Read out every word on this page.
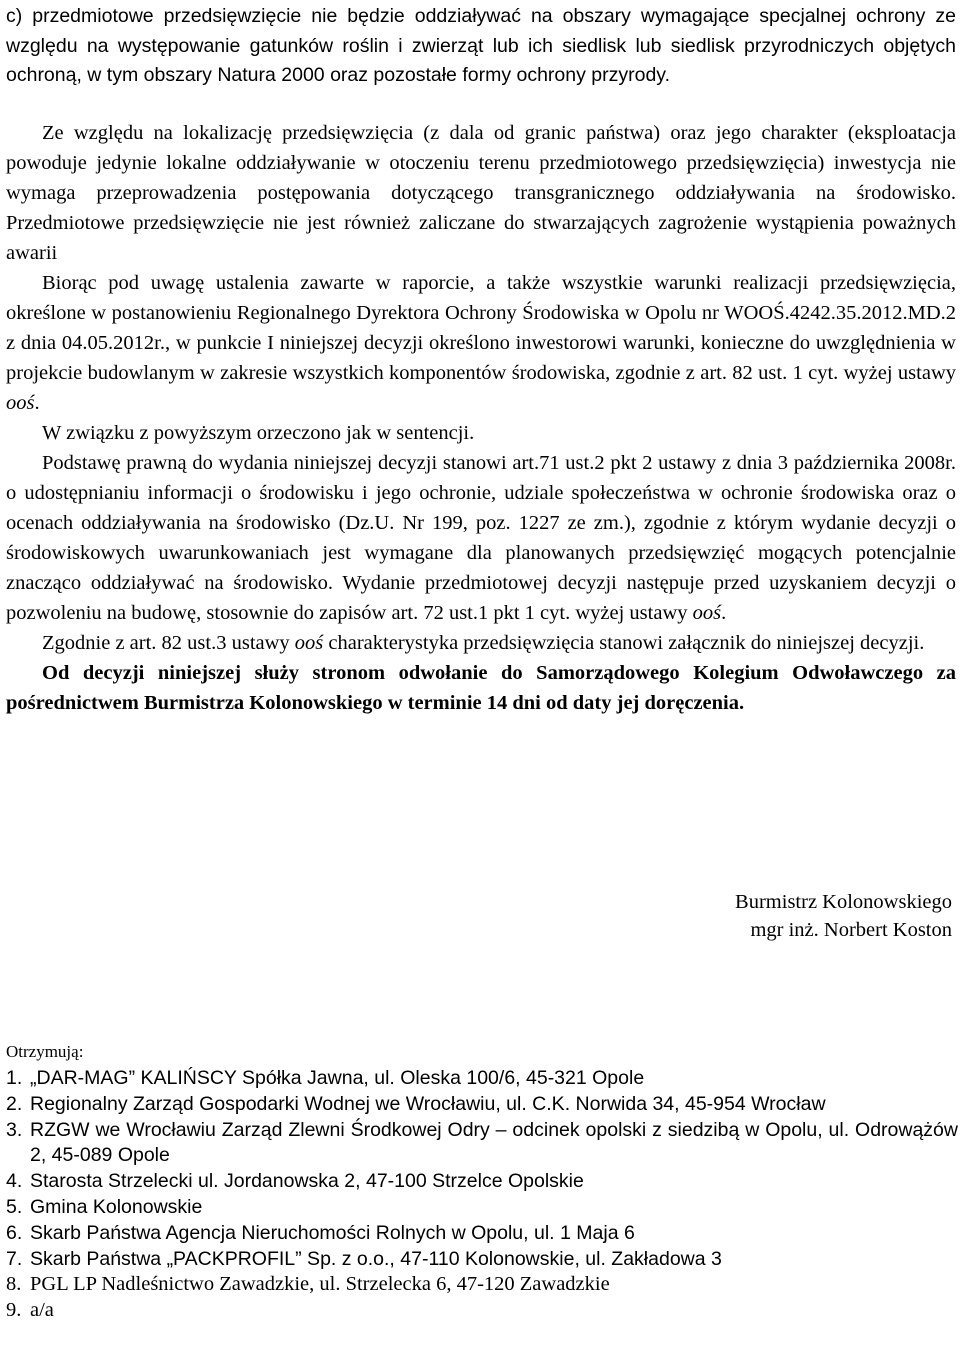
c) przedmiotowe przedsięwzięcie nie będzie oddziaływać na obszary wymagające specjalnej ochrony ze względu na występowanie gatunków roślin i zwierząt lub ich siedlisk lub siedlisk przyrodniczych objętych ochroną, w tym obszary Natura 2000 oraz pozostałe formy ochrony przyrody.

Ze względu na lokalizację przedsięwzięcia (z dala od granic państwa) oraz jego charakter (eksploatacja powoduje jedynie lokalne oddziaływanie w otoczeniu terenu przedmiotowego przedsięwzięcia) inwestycja nie wymaga przeprowadzenia postępowania dotyczącego transgranicznego oddziaływania na środowisko. Przedmiotowe przedsięwzięcie nie jest również zaliczane do stwarzających zagrożenie wystąpienia poważnych awarii

Biorąc pod uwagę ustalenia zawarte w raporcie, a także wszystkie warunki realizacji przedsięwzięcia, określone w postanowieniu Regionalnego Dyrektora Ochrony Środowiska w Opolu nr WOOŚ.4242.35.2012.MD.2 z dnia 04.05.2012r., w punkcie I niniejszej decyzji określono inwestorowi warunki, konieczne do uwzględnienia w projekcie budowlanym w zakresie wszystkich komponentów środowiska, zgodnie z art. 82 ust. 1 cyt. wyżej ustawy ooś.

W związku z powyższym orzeczono jak w sentencji.

Podstawę prawną do wydania niniejszej decyzji stanowi art.71 ust.2 pkt 2 ustawy z dnia 3 października 2008r. o udostępnianiu informacji o środowisku i jego ochronie, udziale społeczeństwa w ochronie środowiska oraz o ocenach oddziaływania na środowisko (Dz.U. Nr 199, poz. 1227 ze zm.), zgodnie z którym wydanie decyzji o środowiskowych uwarunkowaniach jest wymagane dla planowanych przedsięwzięć mogących potencjalnie znacząco oddziaływać na środowisko. Wydanie przedmiotowej decyzji następuje przed uzyskaniem decyzji o pozwoleniu na budowę, stosownie do zapisów art. 72 ust.1 pkt 1 cyt. wyżej ustawy ooś.

Zgodnie z art. 82 ust.3 ustawy ooś charakterystyka przedsięwzięcia stanowi załącznik do niniejszej decyzji.

Od decyzji niniejszej służy stronom odwołanie do Samorządowego Kolegium Odwoławczego za pośrednictwem Burmistrza Kolonowskiego w terminie 14 dni od daty jej doręczenia.

Burmistrz Kolonowskiego
mgr inż. Norbert Koston
Otrzymują:
1. „DAR-MAG” KALIŃSCY Spółka Jawna, ul. Oleska 100/6, 45-321 Opole
2. Regionalny Zarząd Gospodarki Wodnej we Wrocławiu, ul. C.K. Norwida 34, 45-954 Wrocław
3. RZGW we Wrocławiu Zarząd Zlewni Środkowej Odry – odcinek opolski z siedzibą w Opolu, ul. Odrowążów 2, 45-089 Opole
4. Starosta Strzelecki ul. Jordanowska 2, 47-100 Strzelce Opolskie
5. Gmina Kolonowskie
6. Skarb Państwa Agencja Nieruchomości Rolnych w Opolu, ul. 1 Maja 6
7. Skarb Państwa „PACKPROFIL” Sp. z o.o., 47-110 Kolonowskie, ul. Zakładowa 3
8. PGL LP Nadleśnictwo Zawadzkie, ul. Strzelecka 6, 47-120 Zawadzkie
9. a/a
